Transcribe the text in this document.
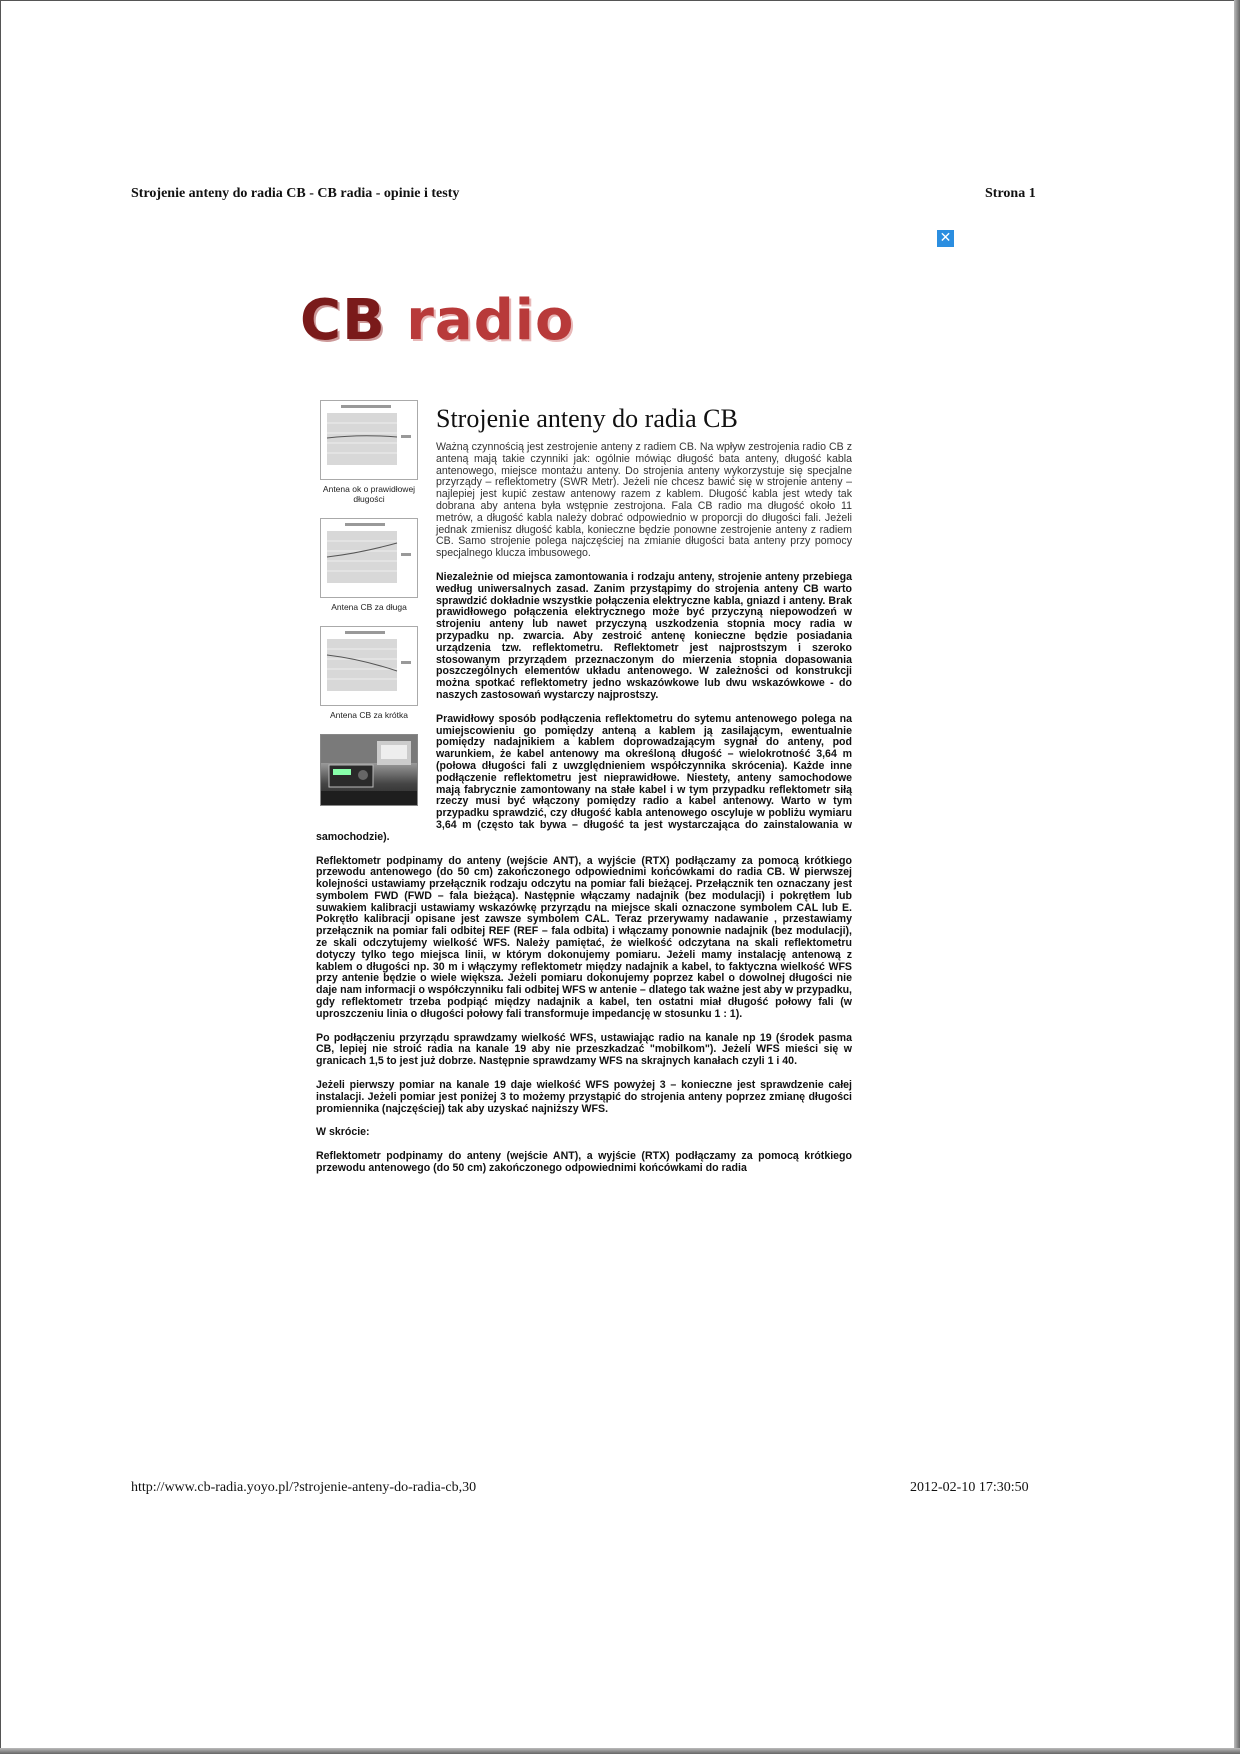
Strojenie anteny do radia CB - CB radia - opinie i testy	Strona 1
✕
CB radio
Antena ok o prawidłowej długości
Antena CB za długa
Antena CB za krótka
Strojenie anteny do radia CB

Ważną czynnością jest zestrojenie anteny z radiem CB. Na wpływ zestrojenia radio CB z anteną mają takie czynniki jak: ogólnie mówiąc długość bata anteny, długość kabla antenowego, miejsce montażu anteny. Do strojenia anteny wykorzystuje się specjalne przyrządy – reflektometry (SWR Metr). Jeżeli nie chcesz bawić się w strojenie anteny – najlepiej jest kupić zestaw antenowy razem z kablem. Długość kabla jest wtedy tak dobrana aby antena była wstępnie zestrojona. Fala CB radio ma długość około 11 metrów, a długość kabla należy dobrać odpowiednio w proporcji do długości fali. Jeżeli jednak zmienisz długość kabla, konieczne będzie ponowne zestrojenie anteny z radiem CB. Samo strojenie polega najczęściej na zmianie długości bata anteny przy pomocy specjalnego klucza imbusowego.

Niezależnie od miejsca zamontowania i rodzaju anteny, strojenie anteny przebiega według uniwersalnych zasad. Zanim przystąpimy do strojenia anteny CB warto sprawdzić dokładnie wszystkie połączenia elektryczne kabla, gniazd i anteny. Brak prawidłowego połączenia elektrycznego może być przyczyną niepowodzeń w strojeniu anteny lub nawet przyczyną uszkodzenia stopnia mocy radia w przypadku np. zwarcia. Aby zestroić antenę konieczne będzie posiadania urządzenia tzw. reflektometru. Reflektometr jest najprostszym i szeroko stosowanym przyrządem przeznaczonym do mierzenia stopnia dopasowania poszczególnych elementów układu antenowego. W zależności od konstrukcji można spotkać reflektometry jedno wskazówkowe lub dwu wskazówkowe - do naszych zastosowań wystarczy najprostszy.

Prawidłowy sposób podłączenia reflektometru do sytemu antenowego polega na umiejscowieniu go pomiędzy anteną a kablem ją zasilającym, ewentualnie pomiędzy nadajnikiem a kablem doprowadzającym sygnał do anteny, pod warunkiem, że kabel antenowy ma określoną długość – wielokrotność 3,64 m (połowa długości fali z uwzględnieniem współczynnika skrócenia). Każde inne podłączenie reflektometru jest nieprawidłowe. Niestety, anteny samochodowe mają fabrycznie zamontowany na stałe kabel i w tym przypadku reflektometr siłą rzeczy musi być włączony pomiędzy radio a kabel antenowy. Warto w tym przypadku sprawdzić, czy długość kabla antenowego oscyluje w pobliżu wymiaru 3,64 m (często tak bywa – długość ta jest wystarczająca do zainstalowania w samochodzie).

Reflektometr podpinamy do anteny (wejście ANT), a wyjście (RTX) podłączamy za pomocą krótkiego przewodu antenowego (do 50 cm) zakończonego odpowiednimi końcówkami do radia CB. W pierwszej kolejności ustawiamy przełącznik rodzaju odczytu na pomiar fali bieżącej. Przełącznik ten oznaczany jest symbolem FWD (FWD – fala bieżąca). Następnie włączamy nadajnik (bez modulacji) i pokrętłem lub suwakiem kalibracji ustawiamy wskazówkę przyrządu na miejsce skali oznaczone symbolem CAL lub E. Pokrętło kalibracji opisane jest zawsze symbolem CAL. Teraz przerywamy nadawanie , przestawiamy przełącznik na pomiar fali odbitej REF (REF – fala odbita) i włączamy ponownie nadajnik (bez modulacji), ze skali odczytujemy wielkość WFS. Należy pamiętać, że wielkość odczytana na skali reflektometru dotyczy tylko tego miejsca linii, w którym dokonujemy pomiaru. Jeżeli mamy instalację antenową z kablem o długości np. 30 m i włączymy reflektometr między nadajnik a kabel, to faktyczna wielkość WFS przy antenie będzie o wiele większa. Jeżeli pomiaru dokonujemy poprzez kabel o dowolnej długości nie daje nam informacji o współczynniku fali odbitej WFS w antenie – dlatego tak ważne jest aby w przypadku, gdy reflektometr trzeba podpiąć między nadajnik a kabel, ten ostatni miał długość połowy fali (w uproszczeniu linia o długości połowy fali transformuje impedancję w stosunku 1 : 1).

Po podłączeniu przyrządu sprawdzamy wielkość WFS, ustawiając radio na kanale np 19 (środek pasma CB, lepiej nie stroić radia na kanale 19 aby nie przeszkadzać "mobilkom"). Jeżeli WFS mieści się w granicach 1,5 to jest już dobrze. Następnie sprawdzamy WFS na skrajnych kanałach czyli 1 i 40.

Jeżeli pierwszy pomiar na kanale 19 daje wielkość WFS powyżej 3 – konieczne jest sprawdzenie całej instalacji. Jeżeli pomiar jest poniżej 3 to możemy przystąpić do strojenia anteny poprzez zmianę długości promiennika (najczęściej) tak aby uzyskać najniższy WFS.

W skrócie:

Reflektometr podpinamy do anteny (wejście ANT), a wyjście (RTX) podłączamy za pomocą krótkiego przewodu antenowego (do 50 cm) zakończonego odpowiednimi końcówkami do radia

http://www.cb-radia.yoyo.pl/?strojenie-anteny-do-radia-cb,30	2012-02-10 17:30:50
